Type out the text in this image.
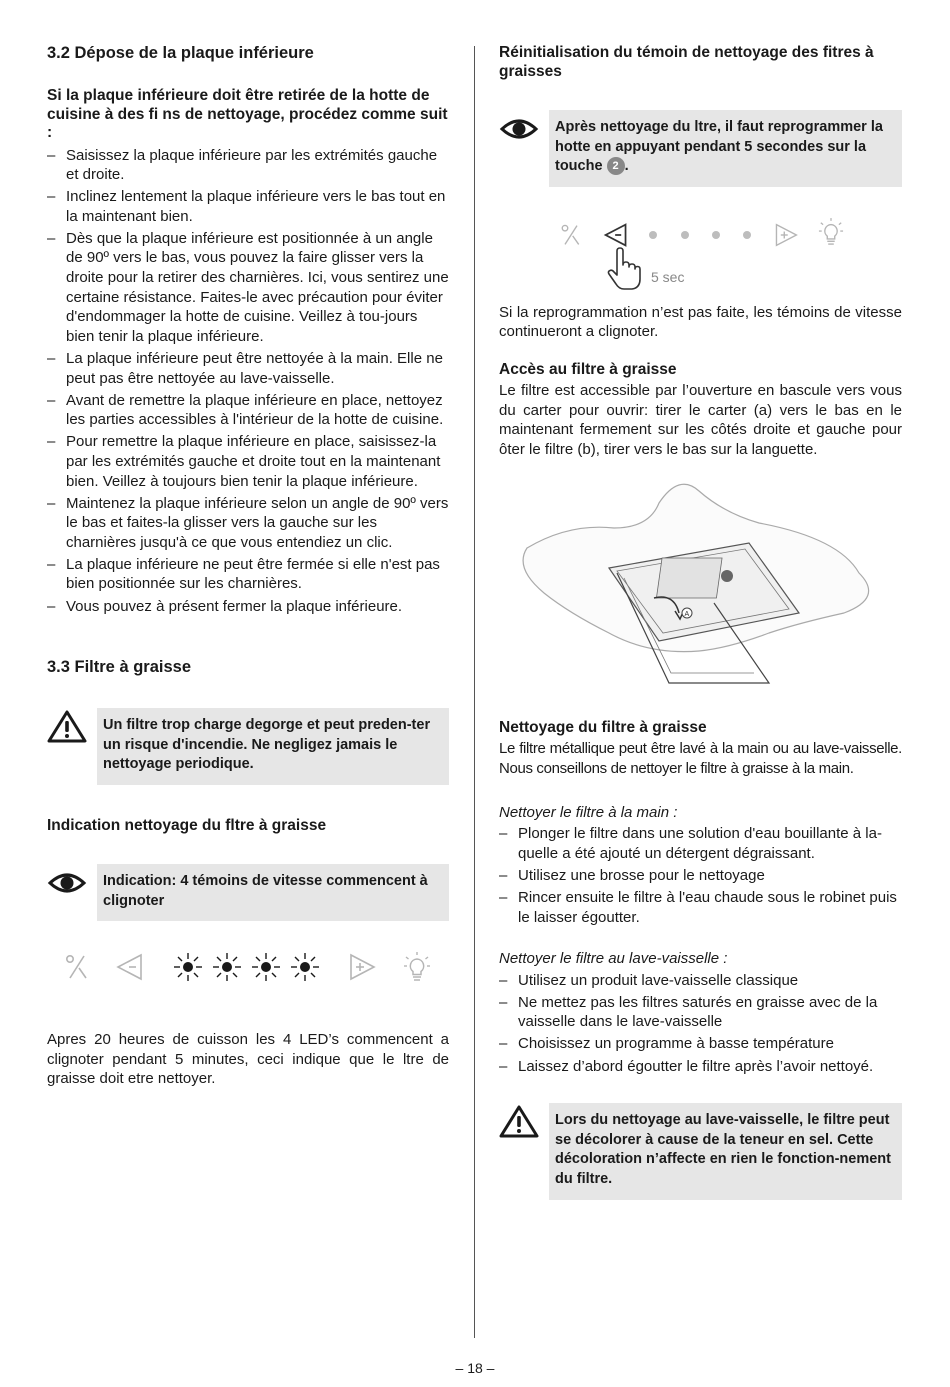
3.2 Dépose de la plaque inférieure
Si la plaque inférieure doit être retirée de la hotte de cuisine à des fi ns de nettoyage, procédez comme suit :
– Saisissez la plaque inférieure par les extrémités gauche et droite.
– Inclinez lentement la plaque inférieure vers le bas tout en la maintenant bien.
– Dès que la plaque inférieure est positionnée à un angle de 90º vers le bas, vous pouvez la faire glisser vers la droite pour la retirer des charnières. Ici, vous sentirez une certaine résistance. Faites-le avec précaution pour éviter d'endommager la hotte de cuisine. Veillez à tou-jours bien tenir la plaque inférieure.
– La plaque inférieure peut être nettoyée à la main. Elle ne peut pas être nettoyée au lave-vaisselle.
– Avant de remettre la plaque inférieure en place, nettoyez les parties accessibles à l'intérieur de la hotte de cuisine.
– Pour remettre la plaque inférieure en place, saisissez-la par les extrémités gauche et droite tout en la maintenant bien. Veillez à toujours bien tenir la plaque inférieure.
– Maintenez la plaque inférieure selon un angle de 90º vers le bas et faites-la glisser vers la gauche sur les charnières jusqu'à ce que vous entendiez un clic.
– La plaque inférieure ne peut être fermée si elle n'est pas bien positionnée sur les charnières.
– Vous pouvez à présent fermer la plaque inférieure.
3.3 Filtre à graisse
Un filtre trop charge degorge et peut preden-ter un risque d'incendie. Ne negligez jamais le nettoyage periodique.
Indication nettoyage du fltre à graisse
Indication: 4 témoins de vitesse commencent à clignoter

Apres 20 heures de cuisson les 4 LED’s commencent a clignoter pendant 5 minutes, ceci indique que le ltre de graisse doit etre nettoyer.

Réinitialisation du témoin de nettoyage des fitres à graisses
Après nettoyage du ltre, il faut reprogrammer la hotte en appuyant pendant 5 secondes sur la touche 2 .
5 sec

Si la reprogrammation n’est pas faite, les témoins de vitesse continueront a clignoter.

Accès au filtre à graisse

Le filtre est accessible par l’ouverture en bascule vers vous du carter pour ouvrir: tirer le carter (a) vers le bas en le maintenant fermement sur les côtés droite et gauche pour ôter le filtre (b), tirer vers le bas sur la languette.

A
Nettoyage du filtre à graisse

Le filtre métallique peut être lavé à la main ou au lave-vaisselle. Nous conseillons de nettoyer le filtre à graisse à la main.

Nettoyer le filtre à la main :

– Plonger le filtre dans une solution d'eau bouillante à la-quelle a été ajouté un détergent dégraissant.
– Utilisez une brosse pour le nettoyage
– Rincer ensuite le filtre à l'eau chaude sous le robinet puis le laisser égoutter.

Nettoyer le filtre au lave-vaisselle :

– Utilisez un produit lave-vaisselle classique
– Ne mettez pas les filtres saturés en graisse avec de la vaisselle dans le lave-vaisselle
– Choisissez un programme à basse température
– Laissez d’abord égoutter le filtre après l’avoir nettoyé.
Lors du nettoyage au lave-vaisselle, le filtre peut se décolorer à cause de la teneur en sel. Cette décoloration n’affecte en rien le fonction-nement du filtre.
– 18 –
